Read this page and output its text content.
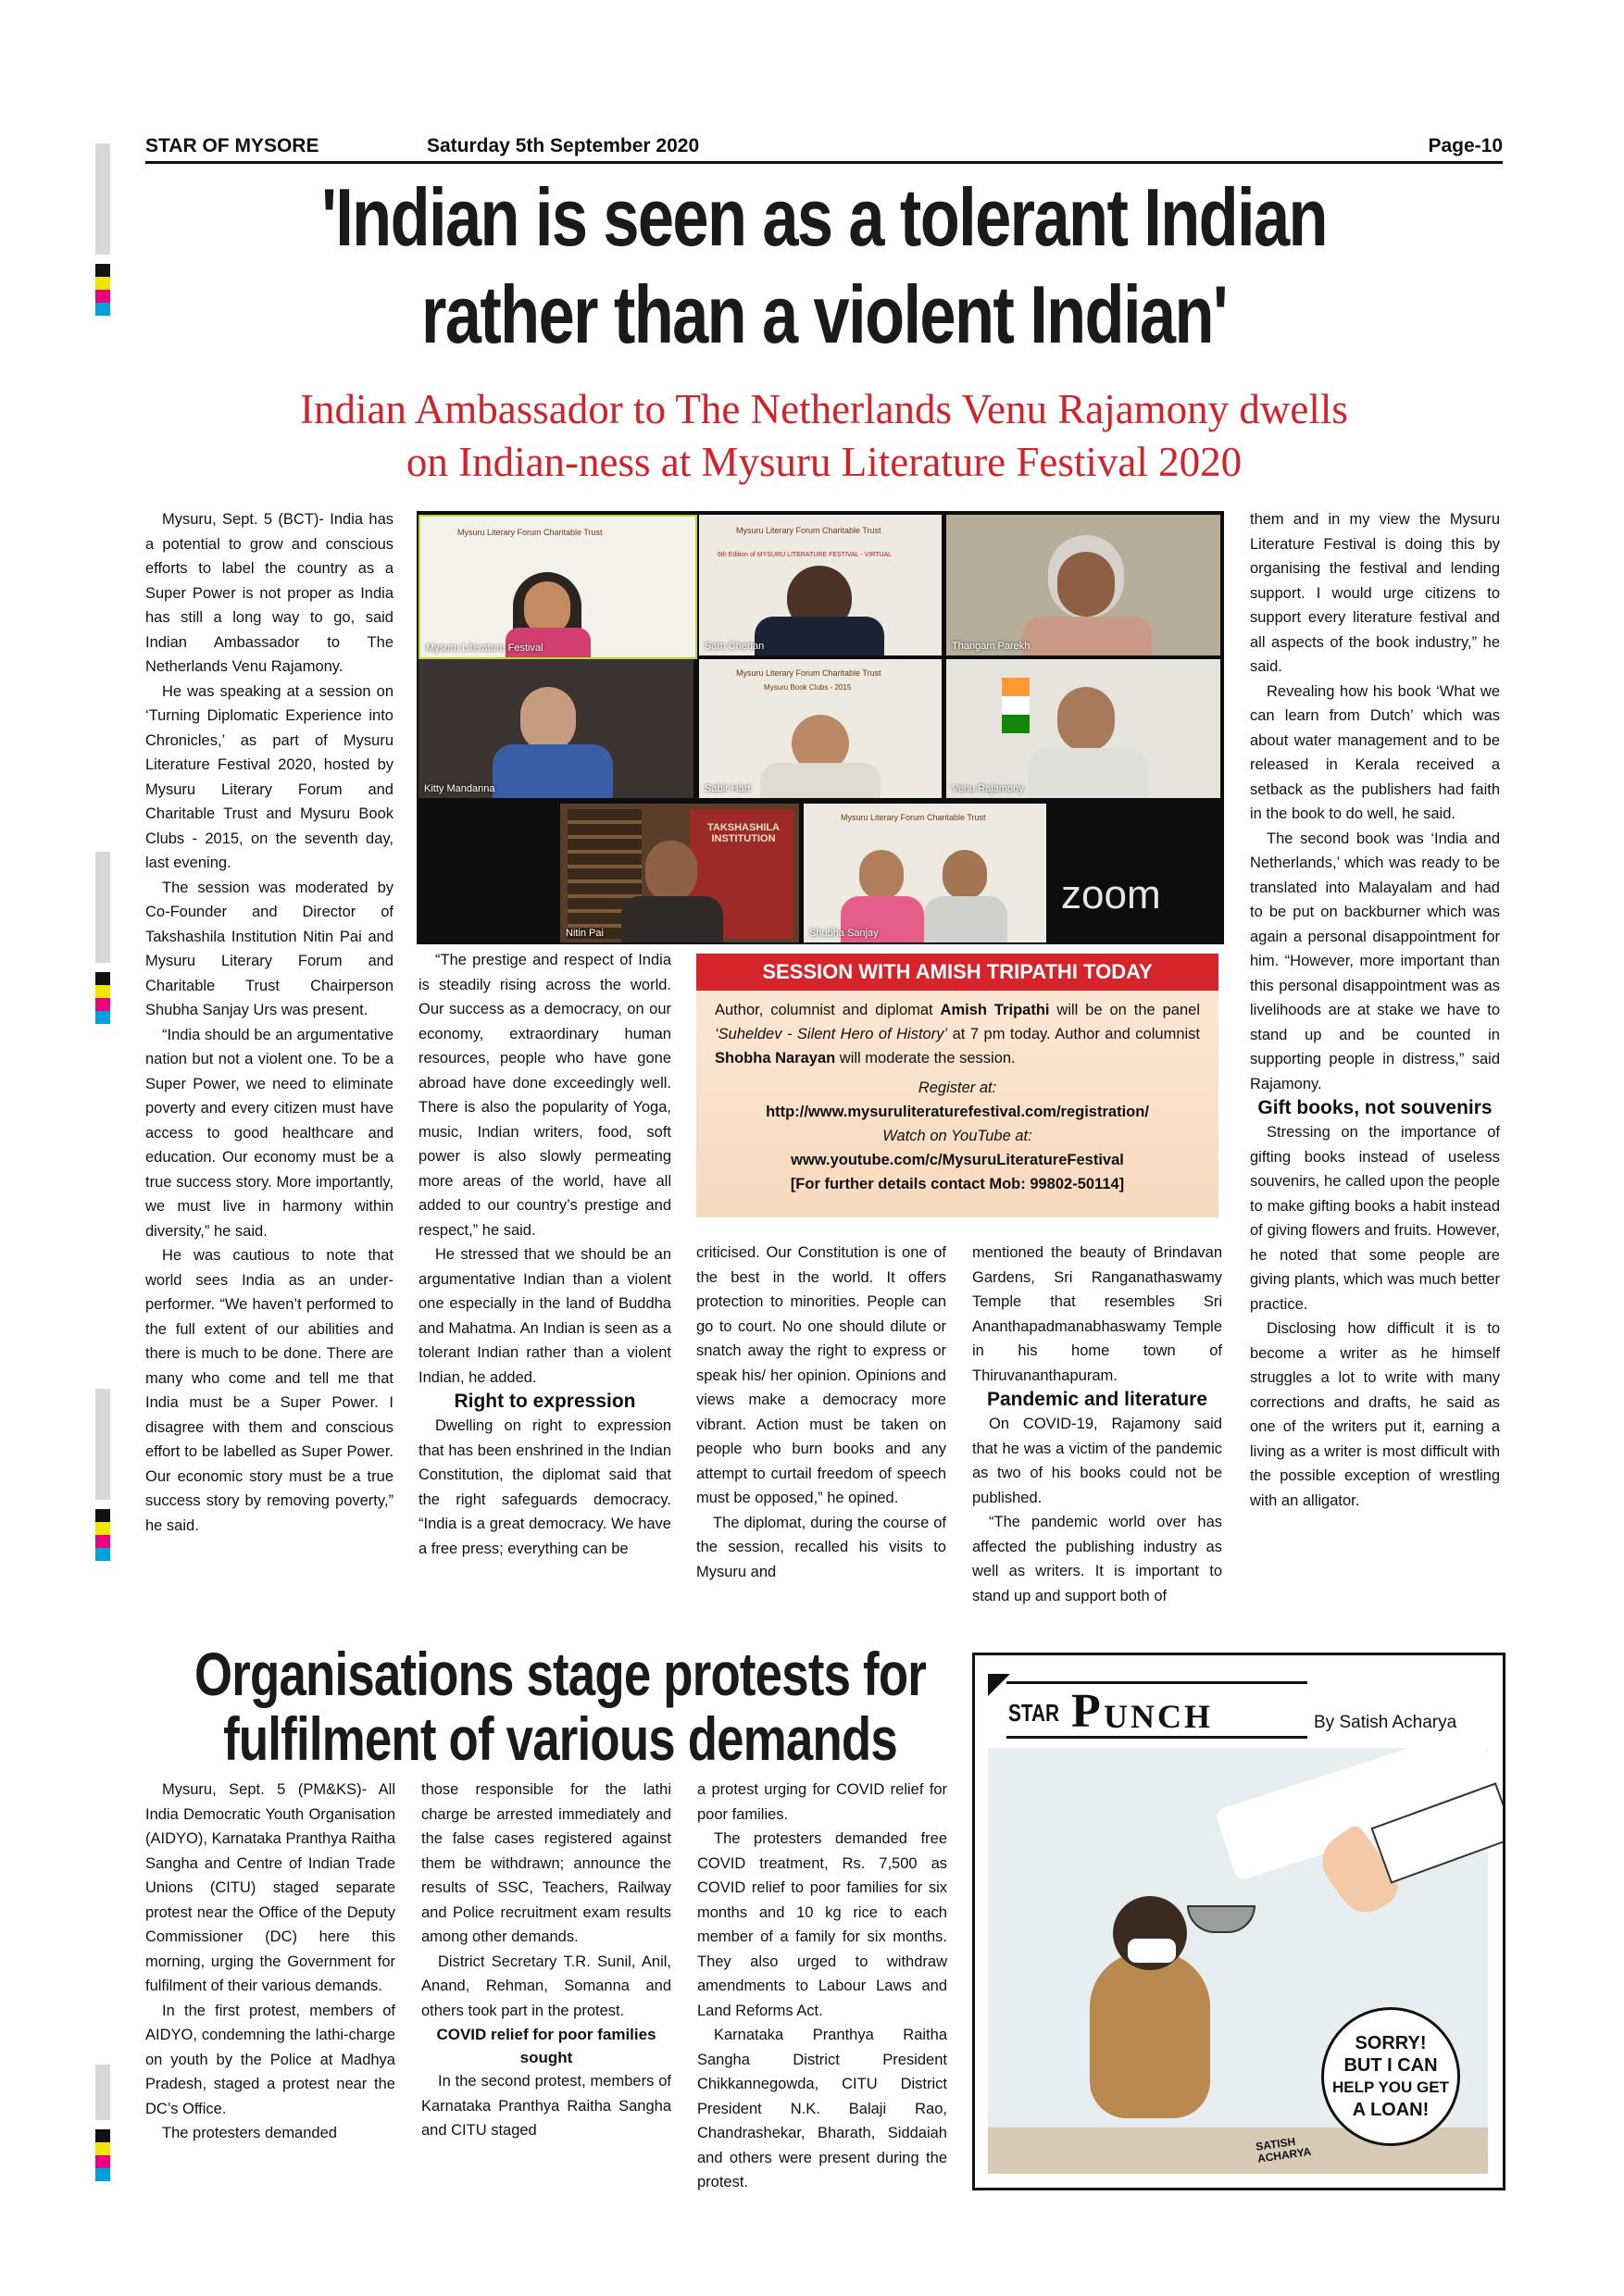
STAR OF MYSORE	Saturday 5th September 2020	Page-10
'Indian is seen as a tolerant Indian
rather than a violent Indian'
Indian Ambassador to The Netherlands Venu Rajamony dwells
on Indian-ness at Mysuru Literature Festival 2020

Mysuru, Sept. 5 (BCT)- India has a potential to grow and conscious efforts to label the country as a Super Power is not proper as India has still a long way to go, said Indian Ambassador to The Netherlands Venu Rajamony.

He was speaking at a session on ‘Turning Diplomatic Experience into Chronicles,’ as part of Mysuru Literature Festival 2020, hosted by Mysuru Literary Forum and Charitable Trust and Mysuru Book Clubs - 2015, on the seventh day, last evening.

The session was moderated by Co-Founder and Director of Takshashila Institution Nitin Pai and Mysuru Literary Forum and Charitable Trust Chairperson Shubha Sanjay Urs was present.

“India should be an argumentative nation but not a violent one. To be a Super Power, we need to eliminate poverty and every citizen must have access to good healthcare and education. Our economy must be a true success story. More importantly, we must live in harmony within diversity,” he said.

He was cautious to note that world sees India as an under-performer. “We haven’t performed to the full extent of our abilities and there is much to be done. There are many who come and tell me that India must be a Super Power. I disagree with them and conscious effort to be labelled as Super Power. Our economic story must be a true success story by removing poverty,” he said.

Mysuru Literary Forum Charitable Trust
Mysuru Literature Festival
Mysuru Literary Forum Charitable Trust
6th Edition of MYSURU LITERATURE FESTIVAL - VIRTUAL
Sam Cherian	Thangam Parekh
Kitty Mandanna
Mysuru Literary Forum Charitable Trust
Mysuru Book Clubs - 2015
Sabir Hart	Venu Rajamony
TAKSHASHILA INSTITUTION
Nitin Pai
Mysuru Literary Forum Charitable Trust
Shubha Sanjay
zoom

“The prestige and respect of India is steadily rising across the world. Our success as a democracy, on our economy, extraordinary human resources, people who have gone abroad have done exceedingly well. There is also the popularity of Yoga, music, Indian writers, food, soft power is also slowly permeating more areas of the world, have all added to our country’s prestige and respect,” he said.

He stressed that we should be an argumentative Indian than a violent one especially in the land of Buddha and Mahatma. An Indian is seen as a tolerant Indian rather than a violent Indian, he added.

Right to expression

Dwelling on right to expression that has been enshrined in the Indian Constitution, the diplomat said that the right safeguards democracy. “India is a great democracy. We have a free press; everything can be

SESSION WITH AMISH TRIPATHI TODAY
Author, columnist and diplomat Amish Tripathi will be on the panel ‘Suheldev - Silent Hero of History’ at 7 pm today. Author and columnist Shobha Narayan will moderate the session.
Register at:
http://www.mysuruliteraturefestival.com/registration/
Watch on YouTube at:
www.youtube.com/c/MysuruLiteratureFestival
[For further details contact Mob: 99802-50114]

criticised. Our Constitution is one of the best in the world. It offers protection to minorities. People can go to court. No one should dilute or snatch away the right to express or speak his/ her opinion. Opinions and views make a democracy more vibrant. Action must be taken on people who burn books and any attempt to curtail freedom of speech must be opposed,” he opined.

The diplomat, during the course of the session, recalled his visits to Mysuru and

mentioned the beauty of Brindavan Gardens, Sri Ranganathaswamy Temple that resembles Sri Ananthapadmanabhaswamy Temple in his home town of Thiruvananthapuram.

Pandemic and literature

On COVID-19, Rajamony said that he was a victim of the pandemic as two of his books could not be published.

“The pandemic world over has affected the publishing industry as well as writers. It is important to stand up and support both of

them and in my view the Mysuru Literature Festival is doing this by organising the festival and lending support. I would urge citizens to support every literature festival and all aspects of the book industry,” he said.

Revealing how his book ‘What we can learn from Dutch’ which was about water management and to be released in Kerala received a setback as the publishers had faith in the book to do well, he said.

The second book was ‘India and Netherlands,’ which was ready to be translated into Malayalam and had to be put on backburner which was again a personal disappointment for him. “However, more important than this personal disappointment was as livelihoods are at stake we have to stand up and be counted in supporting people in distress,” said Rajamony.

Gift books, not souvenirs

Stressing on the importance of gifting books instead of useless souvenirs, he called upon the people to make gifting books a habit instead of giving flowers and fruits. However, he noted that some people are giving plants, which was much better practice.

Disclosing how difficult it is to become a writer as he himself struggles a lot to write with many corrections and drafts, he said as one of the writers put it, earning a living as a writer is most difficult with the possible exception of wrestling with an alligator.

Organisations stage protests for
fulfilment of various demands

Mysuru, Sept. 5 (PM&KS)- All India Democratic Youth Organisation (AIDYO), Karnataka Pranthya Raitha Sangha and Centre of Indian Trade Unions (CITU) staged separate protest near the Office of the Deputy Commissioner (DC) here this morning, urging the Government for fulfilment of their various demands.

In the first protest, members of AIDYO, condemning the lathi-charge on youth by the Police at Madhya Pradesh, staged a protest near the DC’s Office.

The protesters demanded

those responsible for the lathi charge be arrested immediately and the false cases registered against them be withdrawn; announce the results of SSC, Teachers, Railway and Police recruitment exam results among other demands.

District Secretary T.R. Sunil, Anil, Anand, Rehman, Somanna and others took part in the protest.

COVID relief for poor families sought

In the second protest, members of Karnataka Pranthya Raitha Sangha and CITU staged

a protest urging for COVID relief for poor families.

The protesters demanded free COVID treatment, Rs. 7,500 as COVID relief to poor families for six months and 10 kg rice to each member of a family for six months. They also urged to withdraw amendments to Labour Laws and Land Reforms Act.

Karnataka Pranthya Raitha Sangha District President Chikkannegowda, CITU District President N.K. Balaji Rao, Chandrashekar, Bharath, Siddaiah and others were present during the protest.

STAR P UNCH	By Satish Acharya
SORRY!
BUT I CAN
HELP YOU GET
A LOAN!
SATISH ACHARYA
